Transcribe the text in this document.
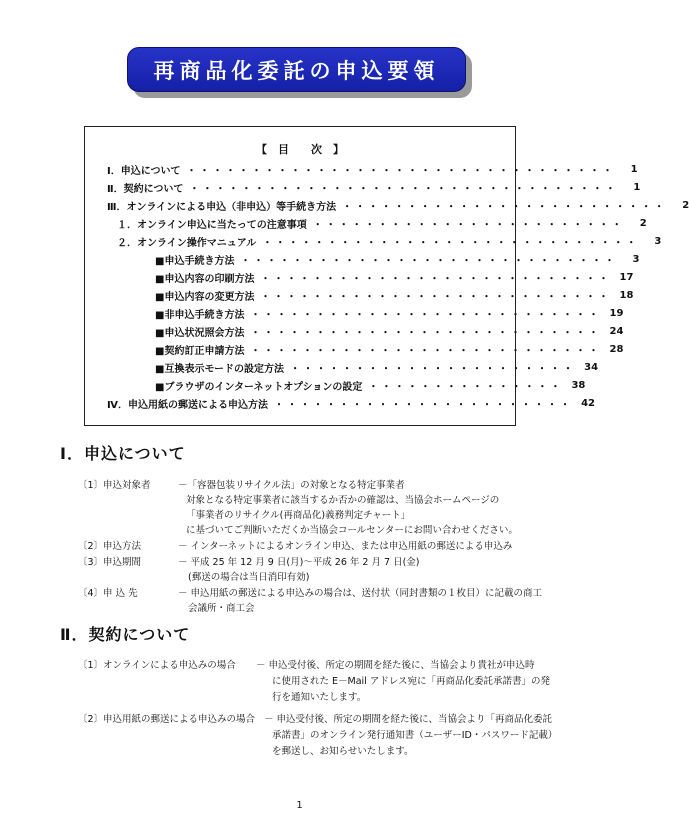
再商品化委託の申込要領
【　目　　次　】
Ⅰ．申込について ・・・・・・・・・・・・・・・・・・・・・・・・・・・・・・・・・	1
Ⅱ．契約について ・・・・・・・・・・・・・・・・・・・・・・・・・・・・・・・・・	1
Ⅲ．オンラインによる申込（非申込）等手続き方法 ・・・・・・・・・・・・・・・・・・・・・・・・・	2
１．オンライン申込に当たっての注意事項 ・・・・・・・・・・・・・・・・・・・・・・・・	2
２．オンライン操作マニュアル ・・・・・・・・・・・・・・・・・・・・・・・・・・・・・	3
■申込手続き方法 ・・・・・・・・・・・・・・・・・・・・・・・・・・・・・	3
■申込内容の印刷方法 ・・・・・・・・・・・・・・・・・・・・・・・・・・・ 17
■申込内容の変更方法 ・・・・・・・・・・・・・・・・・・・・・・・・・・・ 18
■非申込手続き方法 ・・・・・・・・・・・・・・・・・・・・・・・・・・・ 19
■申込状況照会方法 ・・・・・・・・・・・・・・・・・・・・・・・・・・・ 24
■契約訂正申請方法 ・・・・・・・・・・・・・・・・・・・・・・・・・・・ 28
■互換表示モードの設定方法 ・・・・・・・・・・・・・・・・・・・・・・ 34
■ブラウザのインターネットオプションの設定 ・・・・・・・・・・・・・・・ 38
Ⅳ．申込用紙の郵送による申込方法 ・・・・・・・・・・・・・・・・・・・・・・・ 42
Ⅰ．申込について
〔1〕申込対象者	－「容器包装リサイクル法」の対象となる特定事業者
対象となる特定事業者に該当するか否かの確認は、当協会ホームページの
「事業者のリサイクル(再商品化)義務判定チャート」
に基づいてご判断いただくか当協会コールセンターにお問い合わせください。
〔2〕申込方法	－ インターネットによるオンライン申込、または申込用紙の郵送による申込み
〔3〕申込期間	－ 平成 25 年 12 月 9 日(月)～平成 26 年 2 月 7 日(金)
(郵送の場合は当日消印有効)
〔4〕申 込 先	－ 申込用紙の郵送による申込みの場合は、送付状（同封書類の１枚目）に記載の商工
会議所・商工会
Ⅱ．契約について
〔1〕オンラインによる申込みの場合 － 申込受付後、所定の期間を経た後に、当協会より貴社が申込時
に使用された E－Mail アドレス宛に「再商品化委託承諾書」の発
行を通知いたします。
〔2〕申込用紙の郵送による申込みの場合 － 申込受付後、所定の期間を経た後に、当協会より「再商品化委託
承諾書」のオンライン発行通知書（ユーザーID・パスワード記載）
を郵送し、お知らせいたします。
1
